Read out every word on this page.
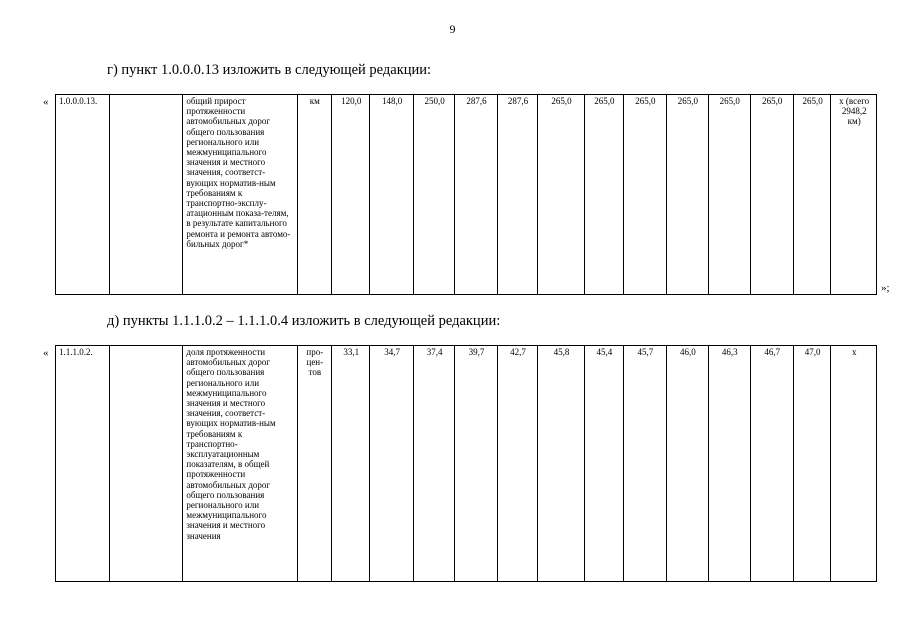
9
г) пункт 1.0.0.0.13 изложить в следующей редакции:
«
»;
1.0.0.0.13.		общий прирост протяженности автомобильных дорог общего пользования регионального или межмуниципального значения и местного значения, соответст-вующих норматив-ным требованиям к транспортно-эксплу-атационным показа-телям, в результате капитального ремонта и ремонта автомо-бильных дорог*	км	120,0	148,0	250,0	287,6	287,6	265,0	265,0	265,0	265,0	265,0	265,0	265,0	х (всего 2948,2 км)
д) пункты 1.1.1.0.2 – 1.1.1.0.4 изложить в следующей редакции:
« 1.1.1.0.2.		доля протяженности автомобильных дорог общего пользования регионального или межмуниципального значения и местного значения, соответст-вующих норматив-ным требованиям к транспортно-эксплуатационным показателям, в общей протяженности автомобильных дорог общего пользования регионального или межмуниципального значения и местного значения	про-цен-тов	33,1	34,7	37,4	39,7	42,7	45,8	45,4	45,7	46,0	46,3	46,7	47,0	х
